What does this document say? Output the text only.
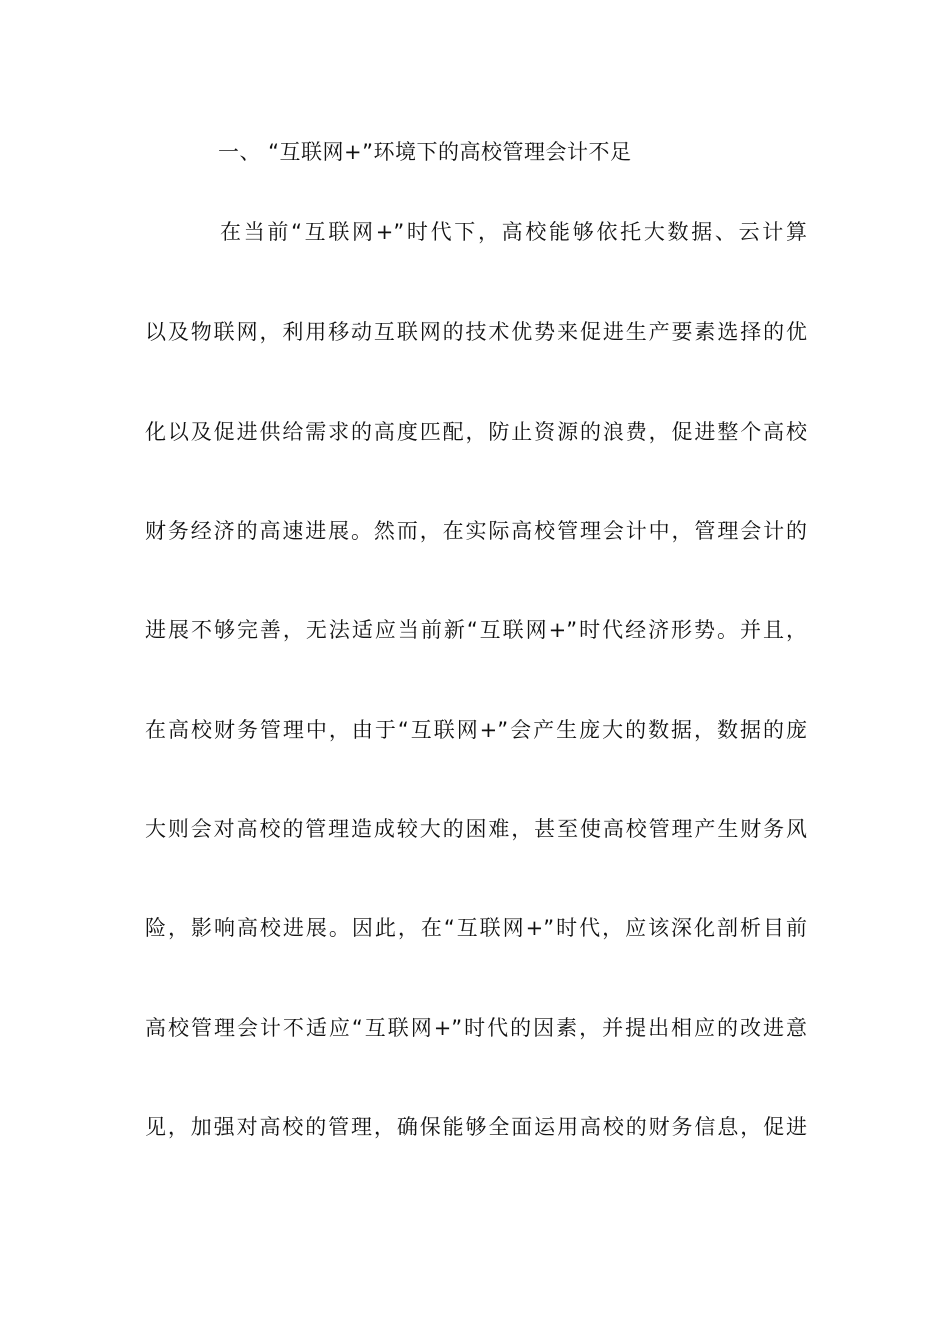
一、 “互联网+”环境下的高校管理会计不足
在当前“互联网+”时代下，高校能够依托大数据、云计算
以及物联网，利用移动互联网的技术优势来促进生产要素选择的优
化以及促进供给需求的高度匹配，防止资源的浪费，促进整个高校
财务经济的高速进展。然而，在实际高校管理会计中，管理会计的
进展不够完善，无法适应当前新“互联网+”时代经济形势。并且，
在高校财务管理中，由于“互联网+”会产生庞大的数据，数据的庞
大则会对高校的管理造成较大的困难，甚至使高校管理产生财务风
险，影响高校进展。因此，在“互联网+”时代，应该深化剖析目前
高校管理会计不适应“互联网+”时代的因素，并提出相应的改进意
见，加强对高校的管理，确保能够全面运用高校的财务信息，促进
